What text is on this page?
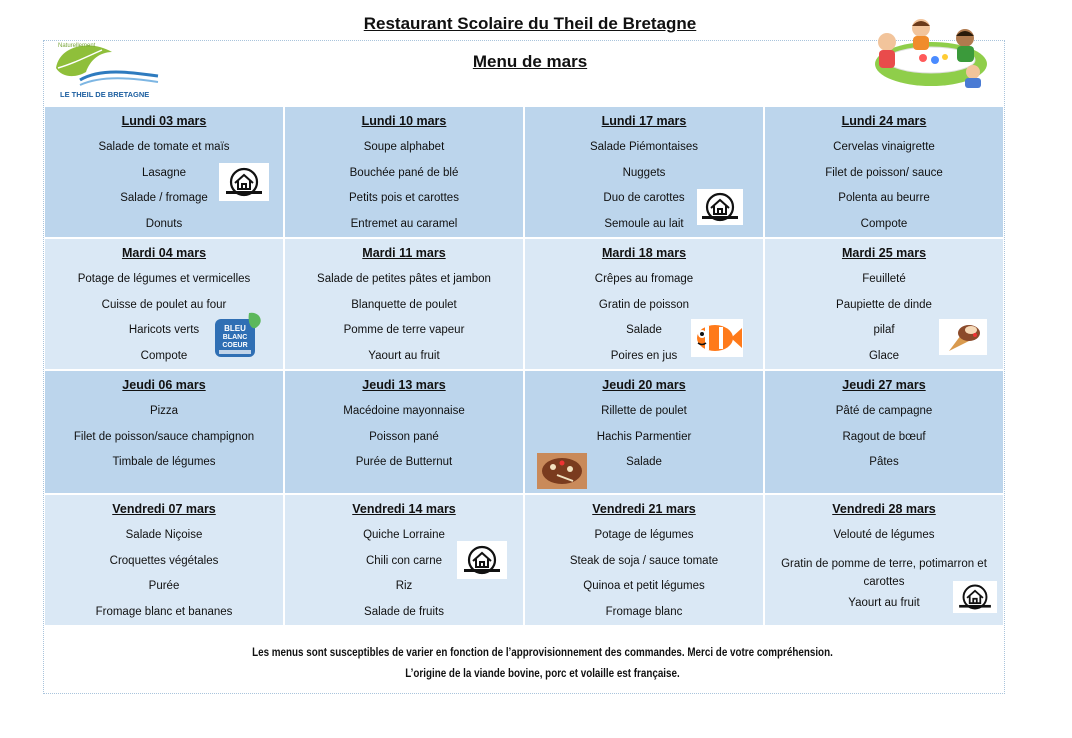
Restaurant Scolaire du Theil de Bretagne
Menu de mars
Naturellement
LE THEIL DE BRETAGNE
Lundi 03 mars
Salade de tomate et maïs
Lasagne
Salade / fromage
Donuts
Lundi 10 mars
Soupe alphabet
Bouchée pané de blé
Petits pois et carottes
Entremet au caramel
Lundi 17 mars
Salade Piémontaises
Nuggets
Duo de carottes
Semoule au lait
Lundi 24 mars
Cervelas vinaigrette
Filet de poisson/ sauce
Polenta au beurre
Compote
Mardi 04 mars
Potage de légumes et vermicelles
Cuisse de poulet au four
Haricots verts
Compote
BLEU
BLANC
COEUR
Mardi 11 mars
Salade de petites pâtes et jambon
Blanquette de poulet
Pomme de terre vapeur
Yaourt au fruit
Mardi 18 mars
Crêpes au fromage
Gratin de poisson
Salade
Poires en jus
Mardi 25 mars
Feuilleté
Paupiette de dinde
pilaf
Glace
Jeudi 06 mars
Pizza
Filet de poisson/sauce champignon
Timbale de légumes
Jeudi 13 mars
Macédoine mayonnaise
Poisson pané
Purée de Butternut
Jeudi 20 mars
Rillette de poulet
Hachis Parmentier
Salade
Jeudi 27 mars
Pâté de campagne
Ragout de bœuf
Pâtes
Vendredi 07 mars
Salade Niçoise
Croquettes végétales
Purée
Fromage blanc et bananes
Vendredi 14 mars
Quiche Lorraine
Chili con carne
Riz
Salade de fruits
Vendredi 21 mars
Potage de légumes
Steak de soja / sauce tomate
Quinoa et petit légumes
Fromage blanc
Vendredi 28 mars
Velouté de légumes
Gratin de pomme de terre, potimarron et carottes
Yaourt au fruit
Les menus sont susceptibles de varier en fonction de l’approvisionnement des commandes. Merci de votre compréhension.
L’origine de la viande bovine, porc et volaille est française.
